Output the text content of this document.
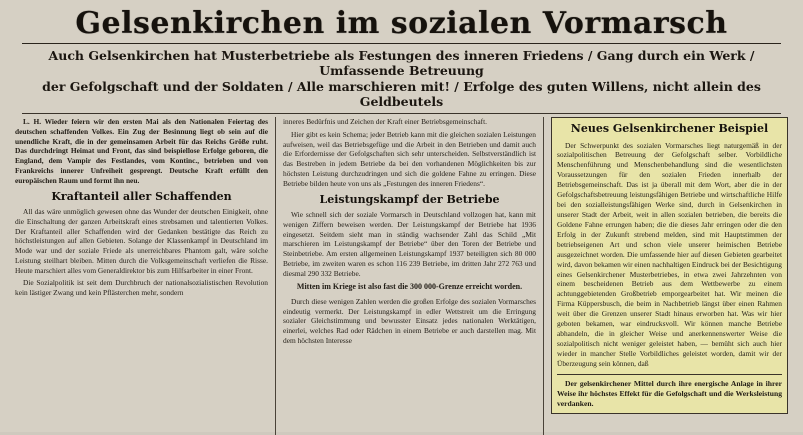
Gelsenkirchen im sozialen Vormarsch
Auch Gelsenkirchen hat Musterbetriebe als Festungen des inneren Friedens / Gang durch ein Werk / Umfassende Betreuung
der Gefolgschaft und der Soldaten / Alle marschieren mit! / Erfolge des guten Willens, nicht allein des Geldbeutels

L. H. Wieder feiern wir den ersten Mai als den Nationalen Feiertag des deutschen schaffenden Volkes. Ein Zug der Besinnung liegt ob sein auf die unendliche Kraft, die in der gemeinsamen Arbeit für das Reichs Größe ruht. Das durchdringt Heimat und Front, das sind beispiellose Erfolge geboren, die England, dem Vampir des Festlandes, vom Kontinc., betrieben und von Frankreichs innerer Unfreiheit gesprengt. Deutsche Kraft erfüllt den europäischen Raum und formt ihn neu.

Kraftanteil aller Schaffenden

All das wäre unmöglich gewesen ohne das Wunder der deutschen Einigkeit, ohne die Einschaltung der ganzen Arbeitskraft eines strebsamen und talentierten Volkes. Der Kraftanteil aller Schaffenden wird der Gedanken bestätigte das Reich zu höchstleistungen auf allen Gebieten. Solange der Klassenkampf in Deutschland im Mode war und der soziale Friede als unerreichbares Phantom galt, wäre solche Leistung steilhart bleiben. Mitten durch die Volksgemeinschaft verliefen die Risse. Heute marschiert alles vom Generaldirektor bis zum Hilfsarbeiter in einer Front.

Die Sozialpolitik ist seit dem Durchbruch der nationalsozialistischen Revolution kein lästiger Zwang und kein Pflästerchen mehr, sondern

inneres Bedürfnis und Zeichen der Kraft einer Betriebsgemeinschaft.

Hier gibt es kein Schema; jeder Betrieb kann mit die gleichen sozialen Leistungen aufweisen, weil das Betriebsgefüge und die Arbeit in den Betrieben und damit auch die Erfordernisse der Gefolgschaften sich sehr unterscheiden. Selbstverständlich ist das Bestreben in jedem Betriebe da bei den vorhandenen Möglichkeiten bis zur höchsten Leistung durchzudringen und sich die goldene Fahne zu erringen. Diese Betriebe bilden heute von uns als „Festungen des inneren Friedens“.

Leistungskampf der Betriebe

Wie schnell sich der soziale Vormarsch in Deutschland vollzogen hat, kann mit wenigen Ziffern beweisen werden. Der Leistungskampf der Betriebe hat 1936 eingesetzt. Seitdem sieht man in ständig wachsender Zahl das Schild „Mit marschieren im Leistungskampf der Betriebe“ über den Toren der Betriebe und Steinbetriebe. Am ersten allgemeinen Leistungskampf 1937 beteiligten sich 80 000 Betriebe, im zweiten waren es schon 116 239 Betriebe, im dritten Jahr 272 763 und diesmal 290 332 Betriebe.

Mitten im Kriege ist also fast die 300 000-Grenze erreicht worden.

Durch diese wenigen Zahlen werden die großen Erfolge des sozialen Vormarsches eindeutig vermerkt. Der Leistungskampf in edler Wettstreit um die Erringung sozialer Gleichstimmung und bewusster Einsatz jedes nationalen Werktätigen, einerlei, welches Rad oder Rädchen in einem Betriebe er auch darstellen mag. Mit dem höchsten Interesse

Neues Gelsenkirchener Beispiel

Der Schwerpunkt des sozialen Vormarsches liegt naturgemäß in der sozialpolitischen Betreuung der Gefolgschaft selber. Vorbildliche Menschenführung und Menschenbehandlung sind die wesentlichsten Voraussetzungen für den sozialen Frieden innerhalb der Betriebsgemeinschaft. Das ist ja überall mit dem Wort, aber die in der Gefolgschaftsbetreuung leistungsfähigen Betriebe und wirtschaftliche Hilfe bei den sozialleistungsfähigen Werke sind, durch in Gelsenkirchen in unserer Stadt der Arbeit, weit in allen sozialen betrieben, die bereits die Goldene Fahne errungen haben; die die dieses Jahr erringen oder die den Erfolg in der Zukunft strebend melden, sind mit Hauptstimmen der betriebseigenen Art und schon viele unserer heimischen Betriebe ausgezeichnet worden. Die umfassende hier auf diesen Gebieten gearbeitet wird, davon bekamen wir einen nachhaltigen Eindruck bei der Besichtigung eines Gelsenkirchener Musterbetriebes, in etwa zwei Jahrzehnten von einem bescheidenen Betrieb aus dem Wettbewerbe zu einem achtunggebietenden Großbetrieb emporgearbeitet hat. Wir meinen die Firma Küppersbusch, die beim in Nachbetrieb längst über einen Rahmen weit über die Grenzen unserer Stadt hinaus erworben hat. Was wir hier geboten bekamen, war eindrucksvoll. Wir können manche Betriebe abhandeln, die in gleicher Weise und anerkennenswerter Weise die sozialpolitisch nicht weniger geleistet haben, — bemüht sich auch hier wieder in mancher Stelle Vorbildliches geleistet worden, damit wir der Überzeugung sein können, daß

Der gelsenkirchener Mittel durch ihre energische Anlage in ihrer Weise ihr höchstes Effekt für die Gefolgschaft und die Werksleistung verdanken.
